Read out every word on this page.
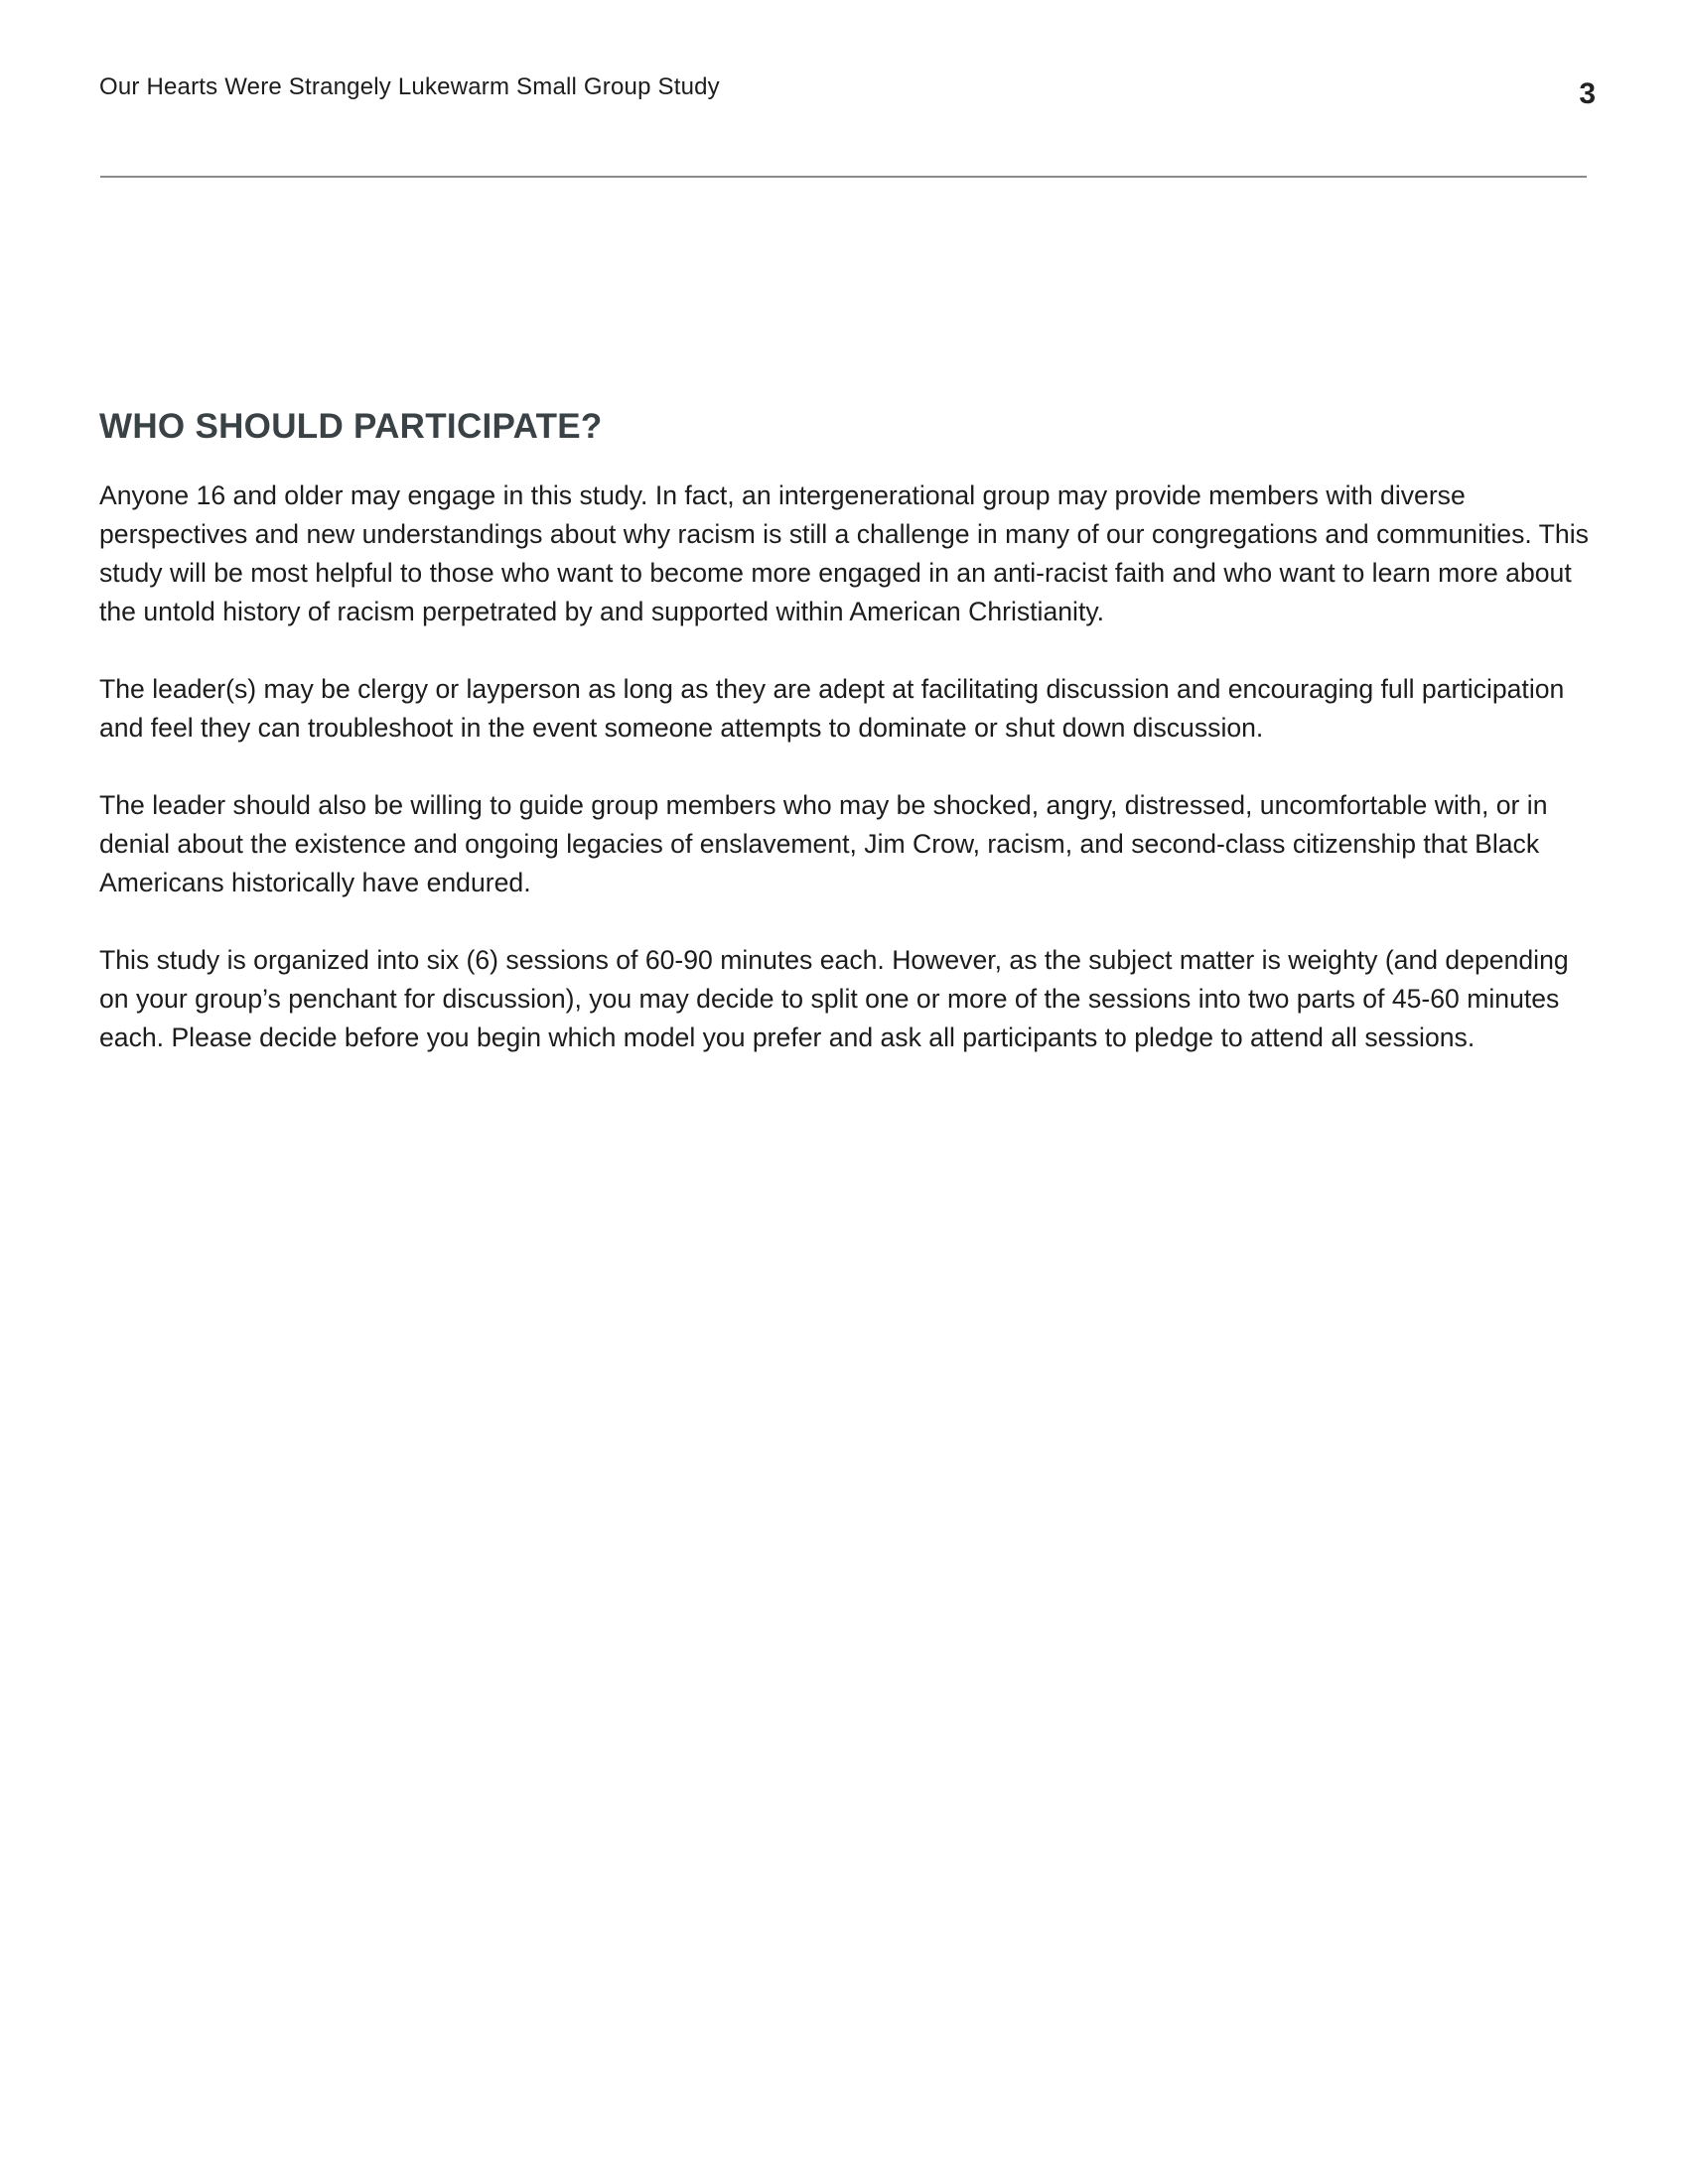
Our Hearts Were Strangely Lukewarm Small Group Study	3
WHO SHOULD PARTICIPATE?

Anyone 16 and older may engage in this study. In fact, an intergenerational group may provide members with diverse perspectives and new understandings about why racism is still a challenge in many of our congregations and communities. This study will be most helpful to those who want to become more engaged in an anti-racist faith and who want to learn more about the untold history of racism perpetrated by and supported within American Christianity.

The leader(s) may be clergy or layperson as long as they are adept at facilitating discussion and encouraging full participation and feel they can troubleshoot in the event someone attempts to dominate or shut down discussion.

The leader should also be willing to guide group members who may be shocked, angry, distressed, uncomfortable with, or in denial about the existence and ongoing legacies of enslavement, Jim Crow, racism, and second-class citizenship that Black Americans historically have endured.

This study is organized into six (6) sessions of 60-90 minutes each. However, as the subject matter is weighty (and depending on your group’s penchant for discussion), you may decide to split one or more of the sessions into two parts of 45-60 minutes each. Please decide before you begin which model you prefer and ask all participants to pledge to attend all sessions.
